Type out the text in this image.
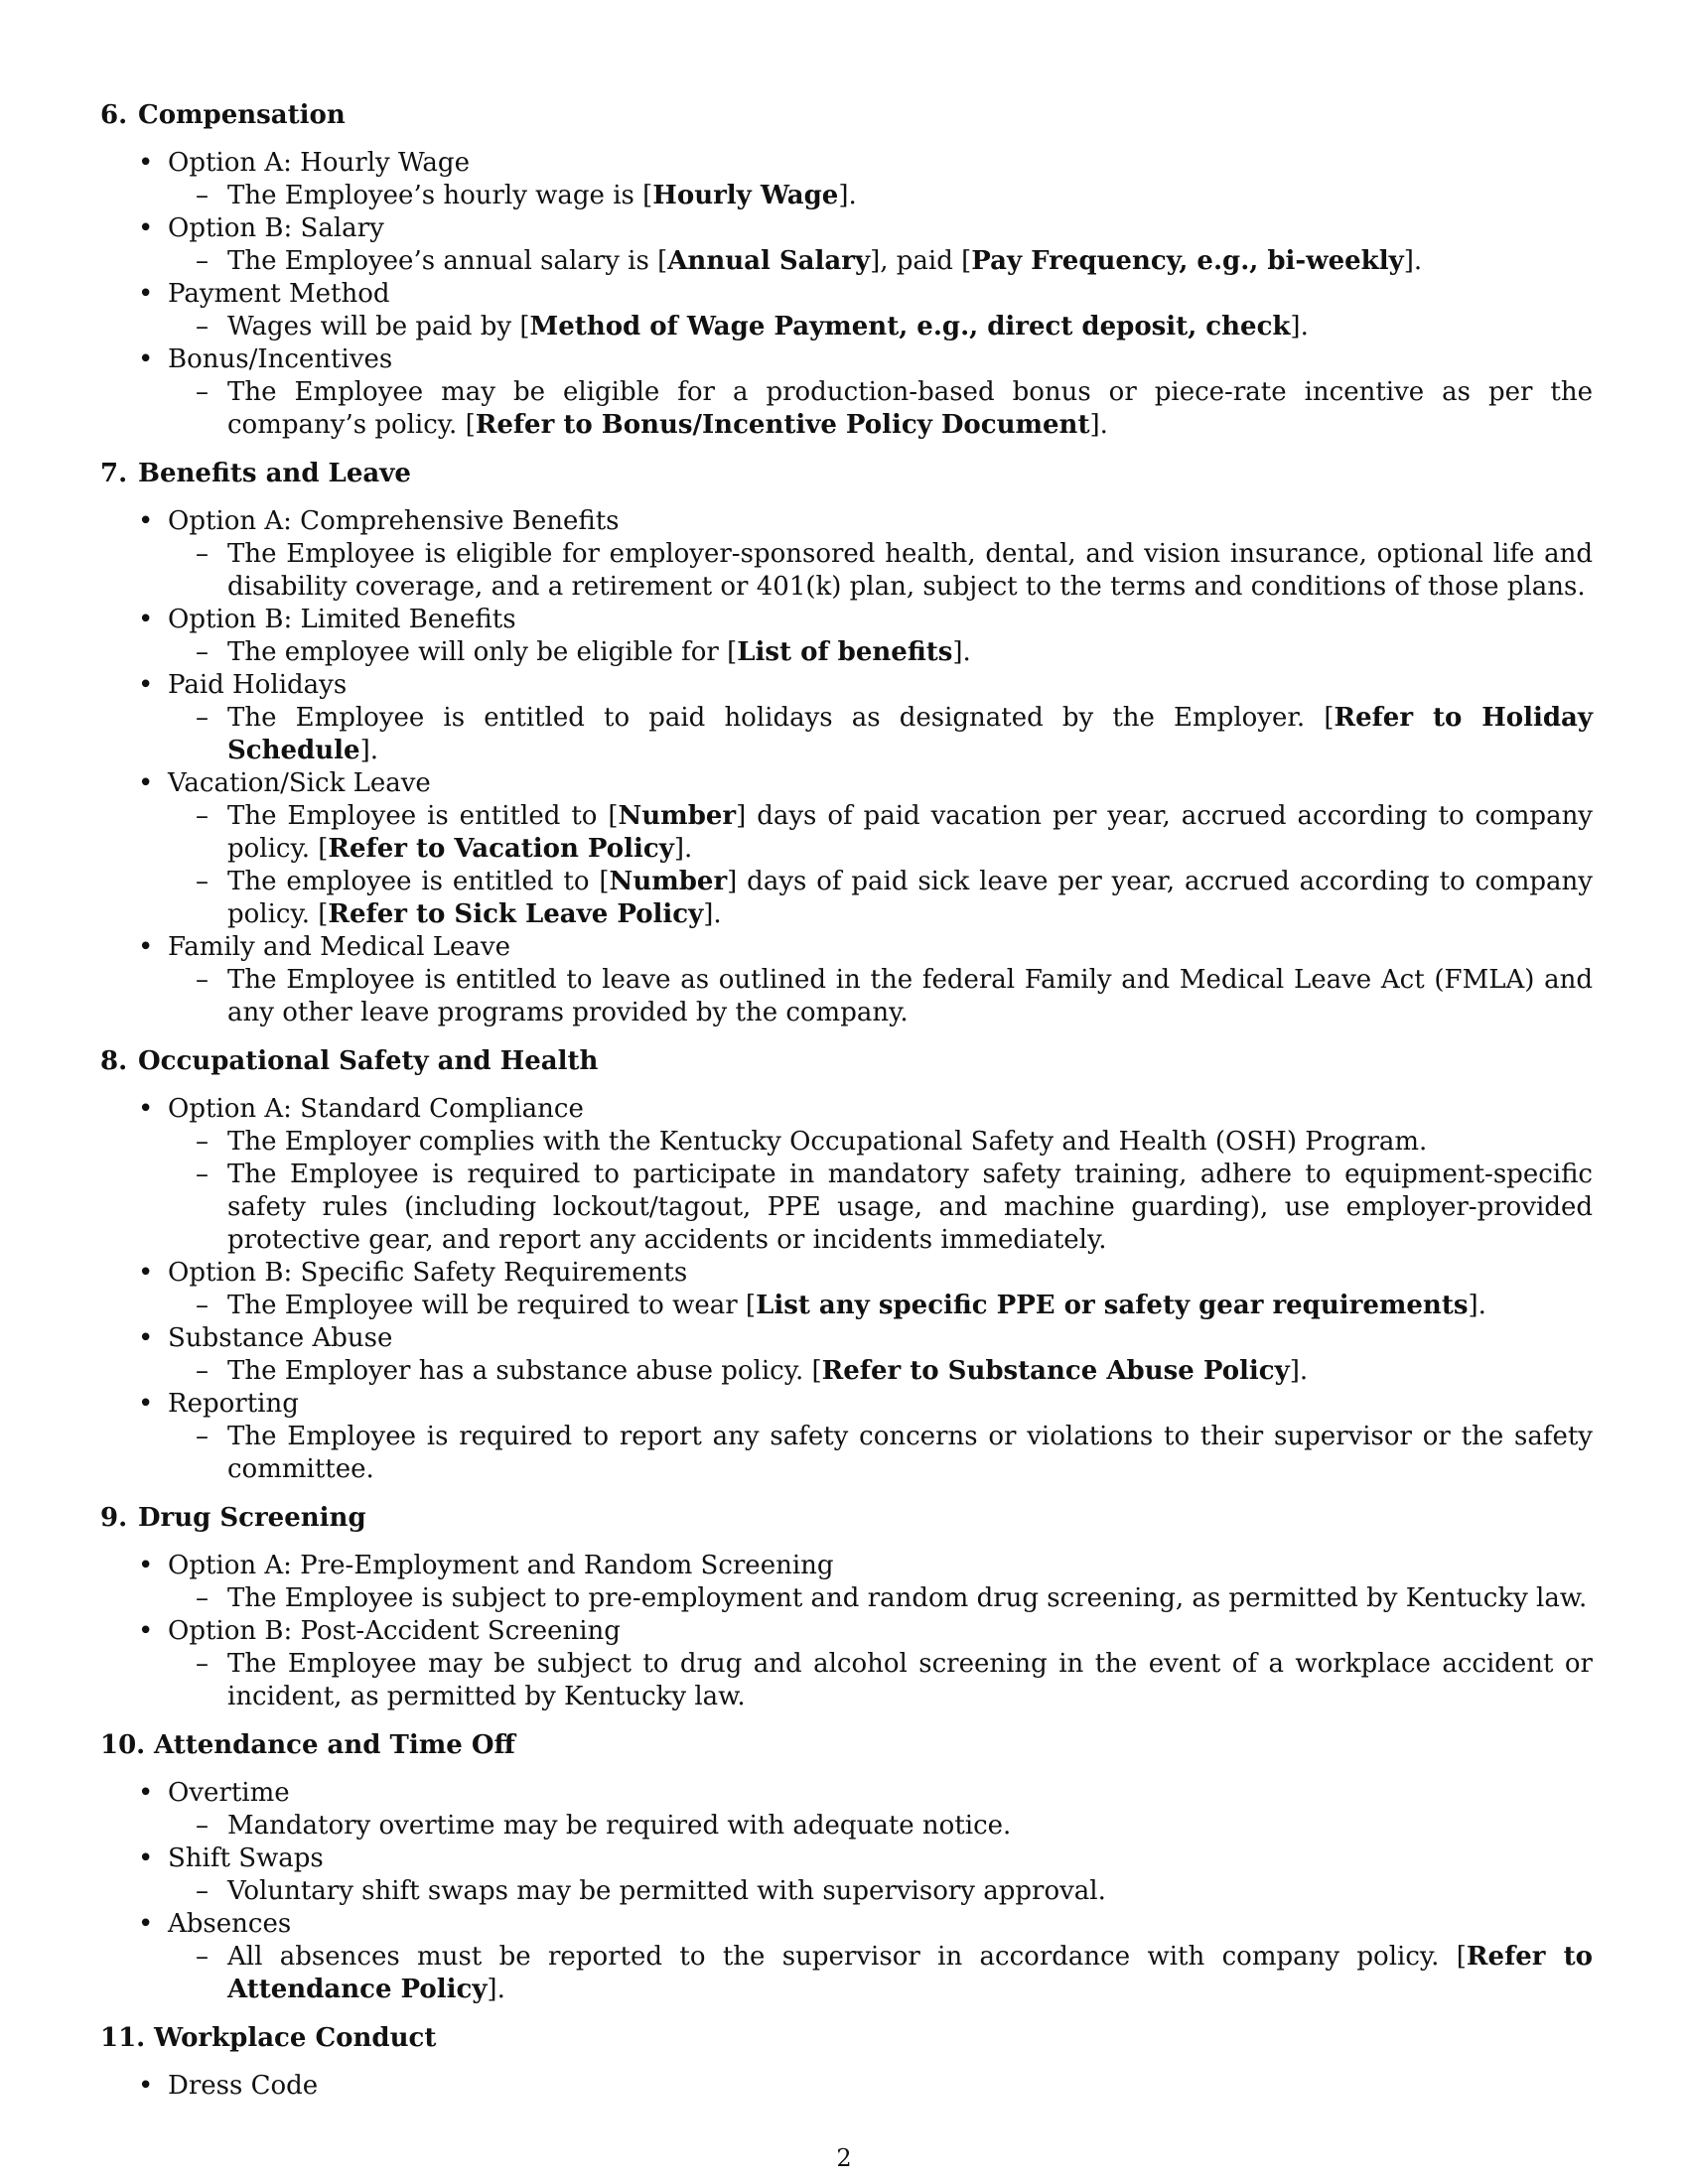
6. Compensation
• Option A: Hourly Wage
– The Employee’s hourly wage is [Hourly Wage].
• Option B: Salary
– The Employee’s annual salary is [Annual Salary], paid [Pay Frequency, e.g., bi-weekly].
• Payment Method
– Wages will be paid by [Method of Wage Payment, e.g., direct deposit, check].
• Bonus/Incentives
– The Employee may be eligible for a production-based bonus or piece-rate incentive as per the company’s policy. [Refer to Bonus/Incentive Policy Document].
7. Benefits and Leave
• Option A: Comprehensive Benefits
– The Employee is eligible for employer-sponsored health, dental, and vision insurance, optional life and disability coverage, and a retirement or 401(k) plan, subject to the terms and conditions of those plans.
• Option B: Limited Benefits
– The employee will only be eligible for [List of benefits].
• Paid Holidays
– The Employee is entitled to paid holidays as designated by the Employer. [Refer to Holiday Schedule].
• Vacation/Sick Leave
– The Employee is entitled to [Number] days of paid vacation per year, accrued according to company policy. [Refer to Vacation Policy].
– The employee is entitled to [Number] days of paid sick leave per year, accrued according to company policy. [Refer to Sick Leave Policy].
• Family and Medical Leave
– The Employee is entitled to leave as outlined in the federal Family and Medical Leave Act (FMLA) and any other leave programs provided by the company.
8. Occupational Safety and Health
• Option A: Standard Compliance
– The Employer complies with the Kentucky Occupational Safety and Health (OSH) Program.
– The Employee is required to participate in mandatory safety training, adhere to equipment-specific safety rules (including lockout/tagout, PPE usage, and machine guarding), use employer-provided protective gear, and report any accidents or incidents immediately.
• Option B: Specific Safety Requirements
– The Employee will be required to wear [List any specific PPE or safety gear requirements].
• Substance Abuse
– The Employer has a substance abuse policy. [Refer to Substance Abuse Policy].
• Reporting
– The Employee is required to report any safety concerns or violations to their supervisor or the safety committee.
9. Drug Screening
• Option A: Pre-Employment and Random Screening
– The Employee is subject to pre-employment and random drug screening, as permitted by Kentucky law.
• Option B: Post-Accident Screening
– The Employee may be subject to drug and alcohol screening in the event of a workplace accident or incident, as permitted by Kentucky law.
10. Attendance and Time Off
• Overtime
– Mandatory overtime may be required with adequate notice.
• Shift Swaps
– Voluntary shift swaps may be permitted with supervisory approval.
• Absences
– All absences must be reported to the supervisor in accordance with company policy. [Refer to Attendance Policy].
11. Workplace Conduct
• Dress Code
2
